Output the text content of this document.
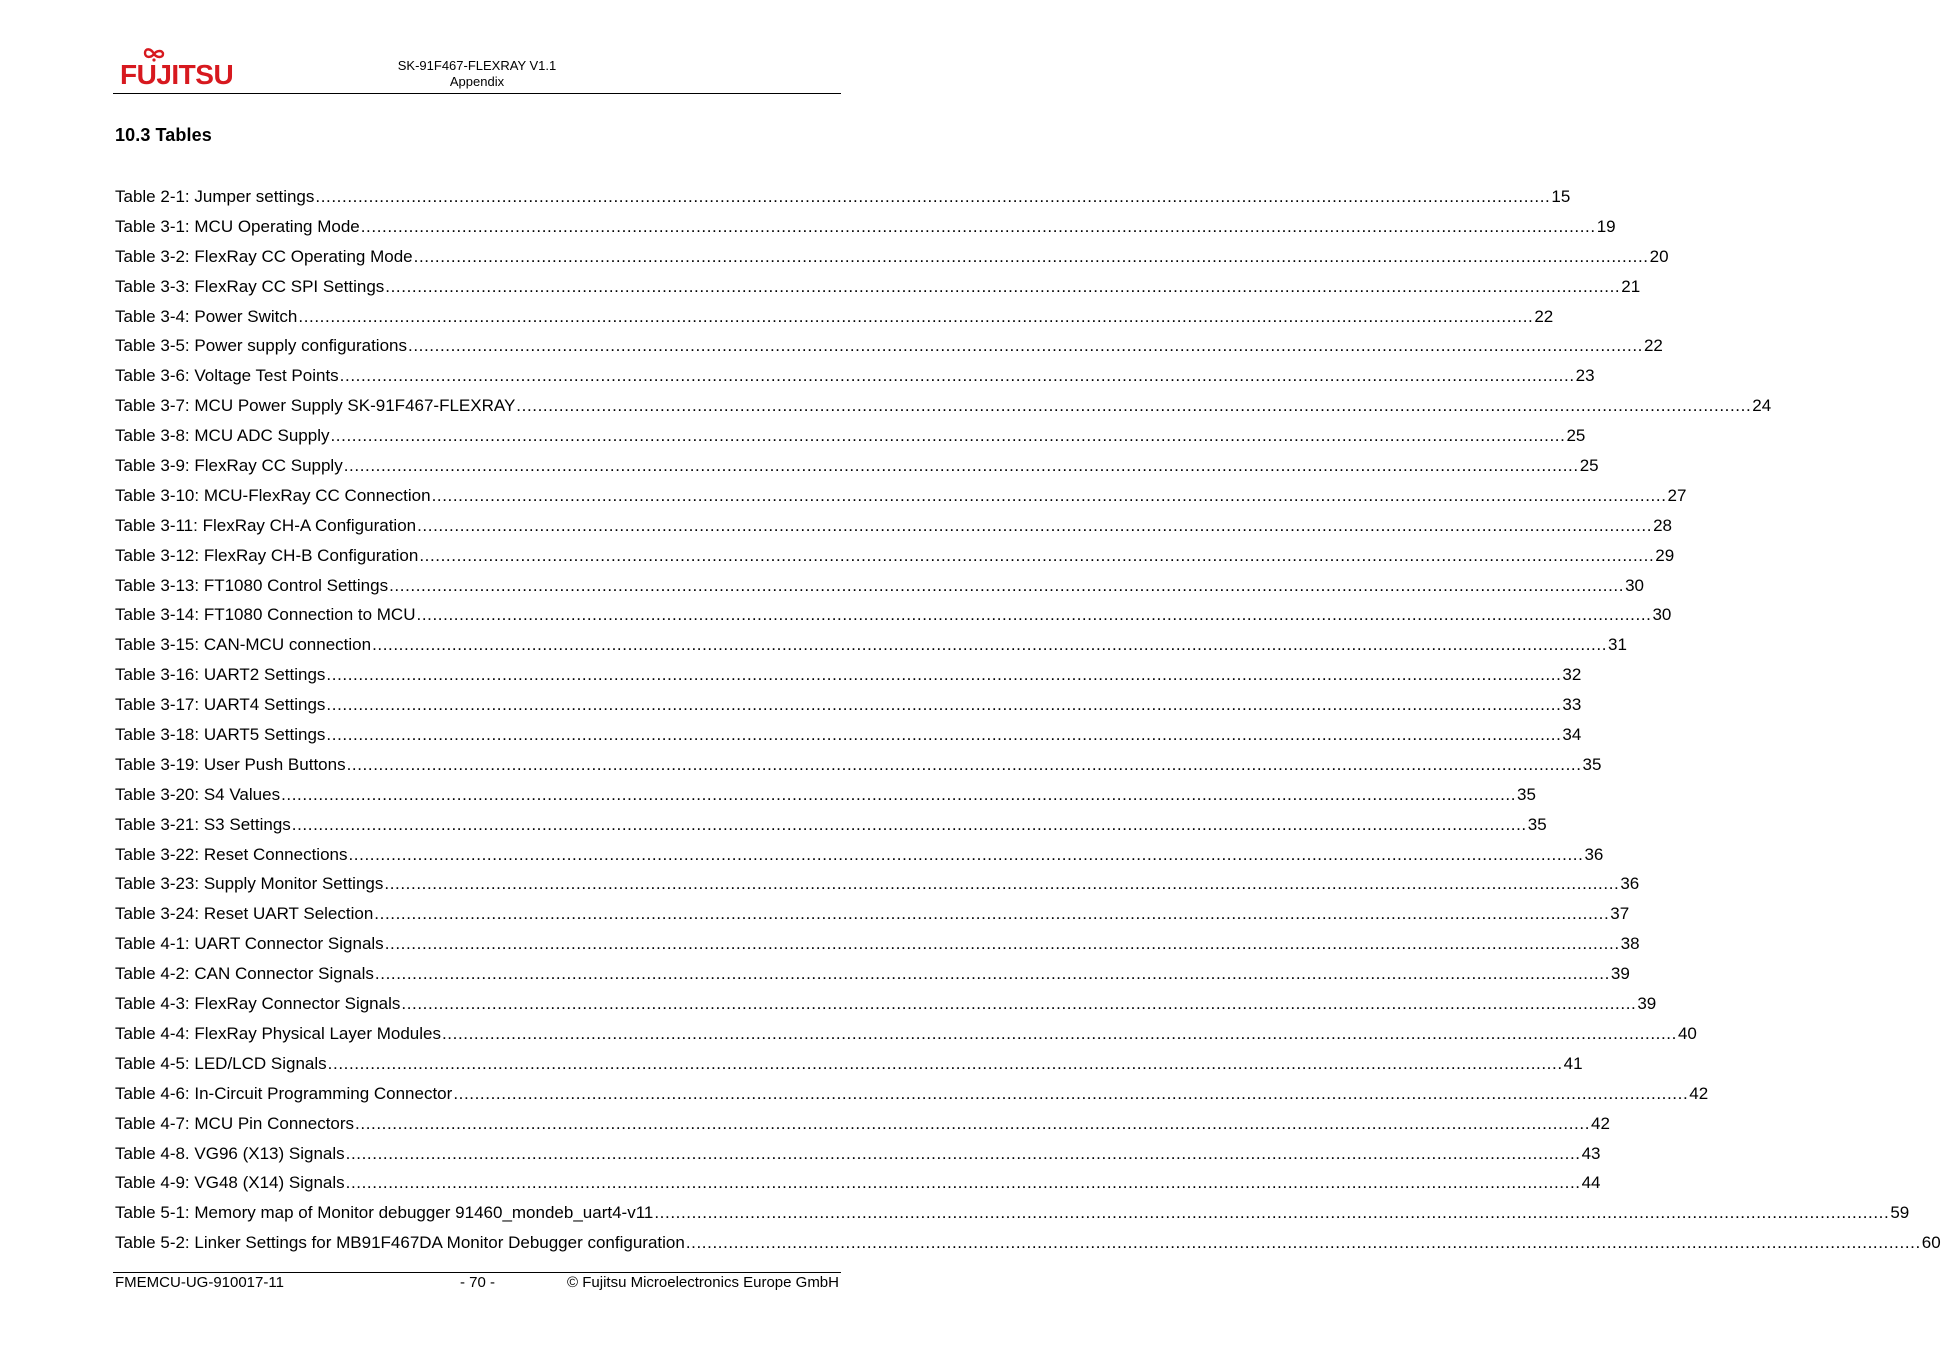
FUJITSU	SK-91F467-FLEXRAY V1.1
Appendix
10.3 Tables
Table 2-1: Jumper settings .....	15
Table 3-1: MCU Operating Mode .....	19
Table 3-2: FlexRay CC Operating Mode .....	20
Table 3-3: FlexRay CC SPI Settings .....	21
Table 3-4: Power Switch .....	22
Table 3-5: Power supply configurations .....	22
Table 3-6: Voltage Test Points .....	23
Table 3-7: MCU Power Supply SK-91F467-FLEXRAY .....	24
Table 3-8: MCU ADC Supply .....	25
Table 3-9: FlexRay CC Supply .....	25
Table 3-10: MCU-FlexRay CC Connection .....	27
Table 3-11: FlexRay CH-A Configuration .....	28
Table 3-12: FlexRay CH-B Configuration .....	29
Table 3-13: FT1080 Control Settings .....	30
Table 3-14: FT1080 Connection to MCU .....	30
Table 3-15: CAN-MCU connection .....	31
Table 3-16: UART2 Settings .....	32
Table 3-17: UART4 Settings .....	33
Table 3-18: UART5 Settings .....	34
Table 3-19: User Push Buttons .....	35
Table 3-20: S4 Values .....	35
Table 3-21: S3 Settings .....	35
Table 3-22: Reset Connections .....	36
Table 3-23: Supply Monitor Settings .....	36
Table 3-24: Reset UART Selection .....	37
Table 4-1: UART Connector Signals .....	38
Table 4-2: CAN Connector Signals .....	39
Table 4-3: FlexRay Connector Signals .....	39
Table 4-4: FlexRay Physical Layer Modules .....	40
Table 4-5: LED/LCD Signals .....	41
Table 4-6: In-Circuit Programming Connector .....	42
Table 4-7: MCU Pin Connectors .....	42
Table 4-8. VG96 (X13) Signals .....	43
Table 4-9: VG48 (X14) Signals .....	44
Table 5-1: Memory map of Monitor debugger 91460_mondeb_uart4-v11 .....	59
Table 5-2: Linker Settings for MB91F467DA Monitor Debugger configuration .....	60
FMEMCU-UG-910017-11	- 70 -	© Fujitsu Microelectronics Europe GmbH
